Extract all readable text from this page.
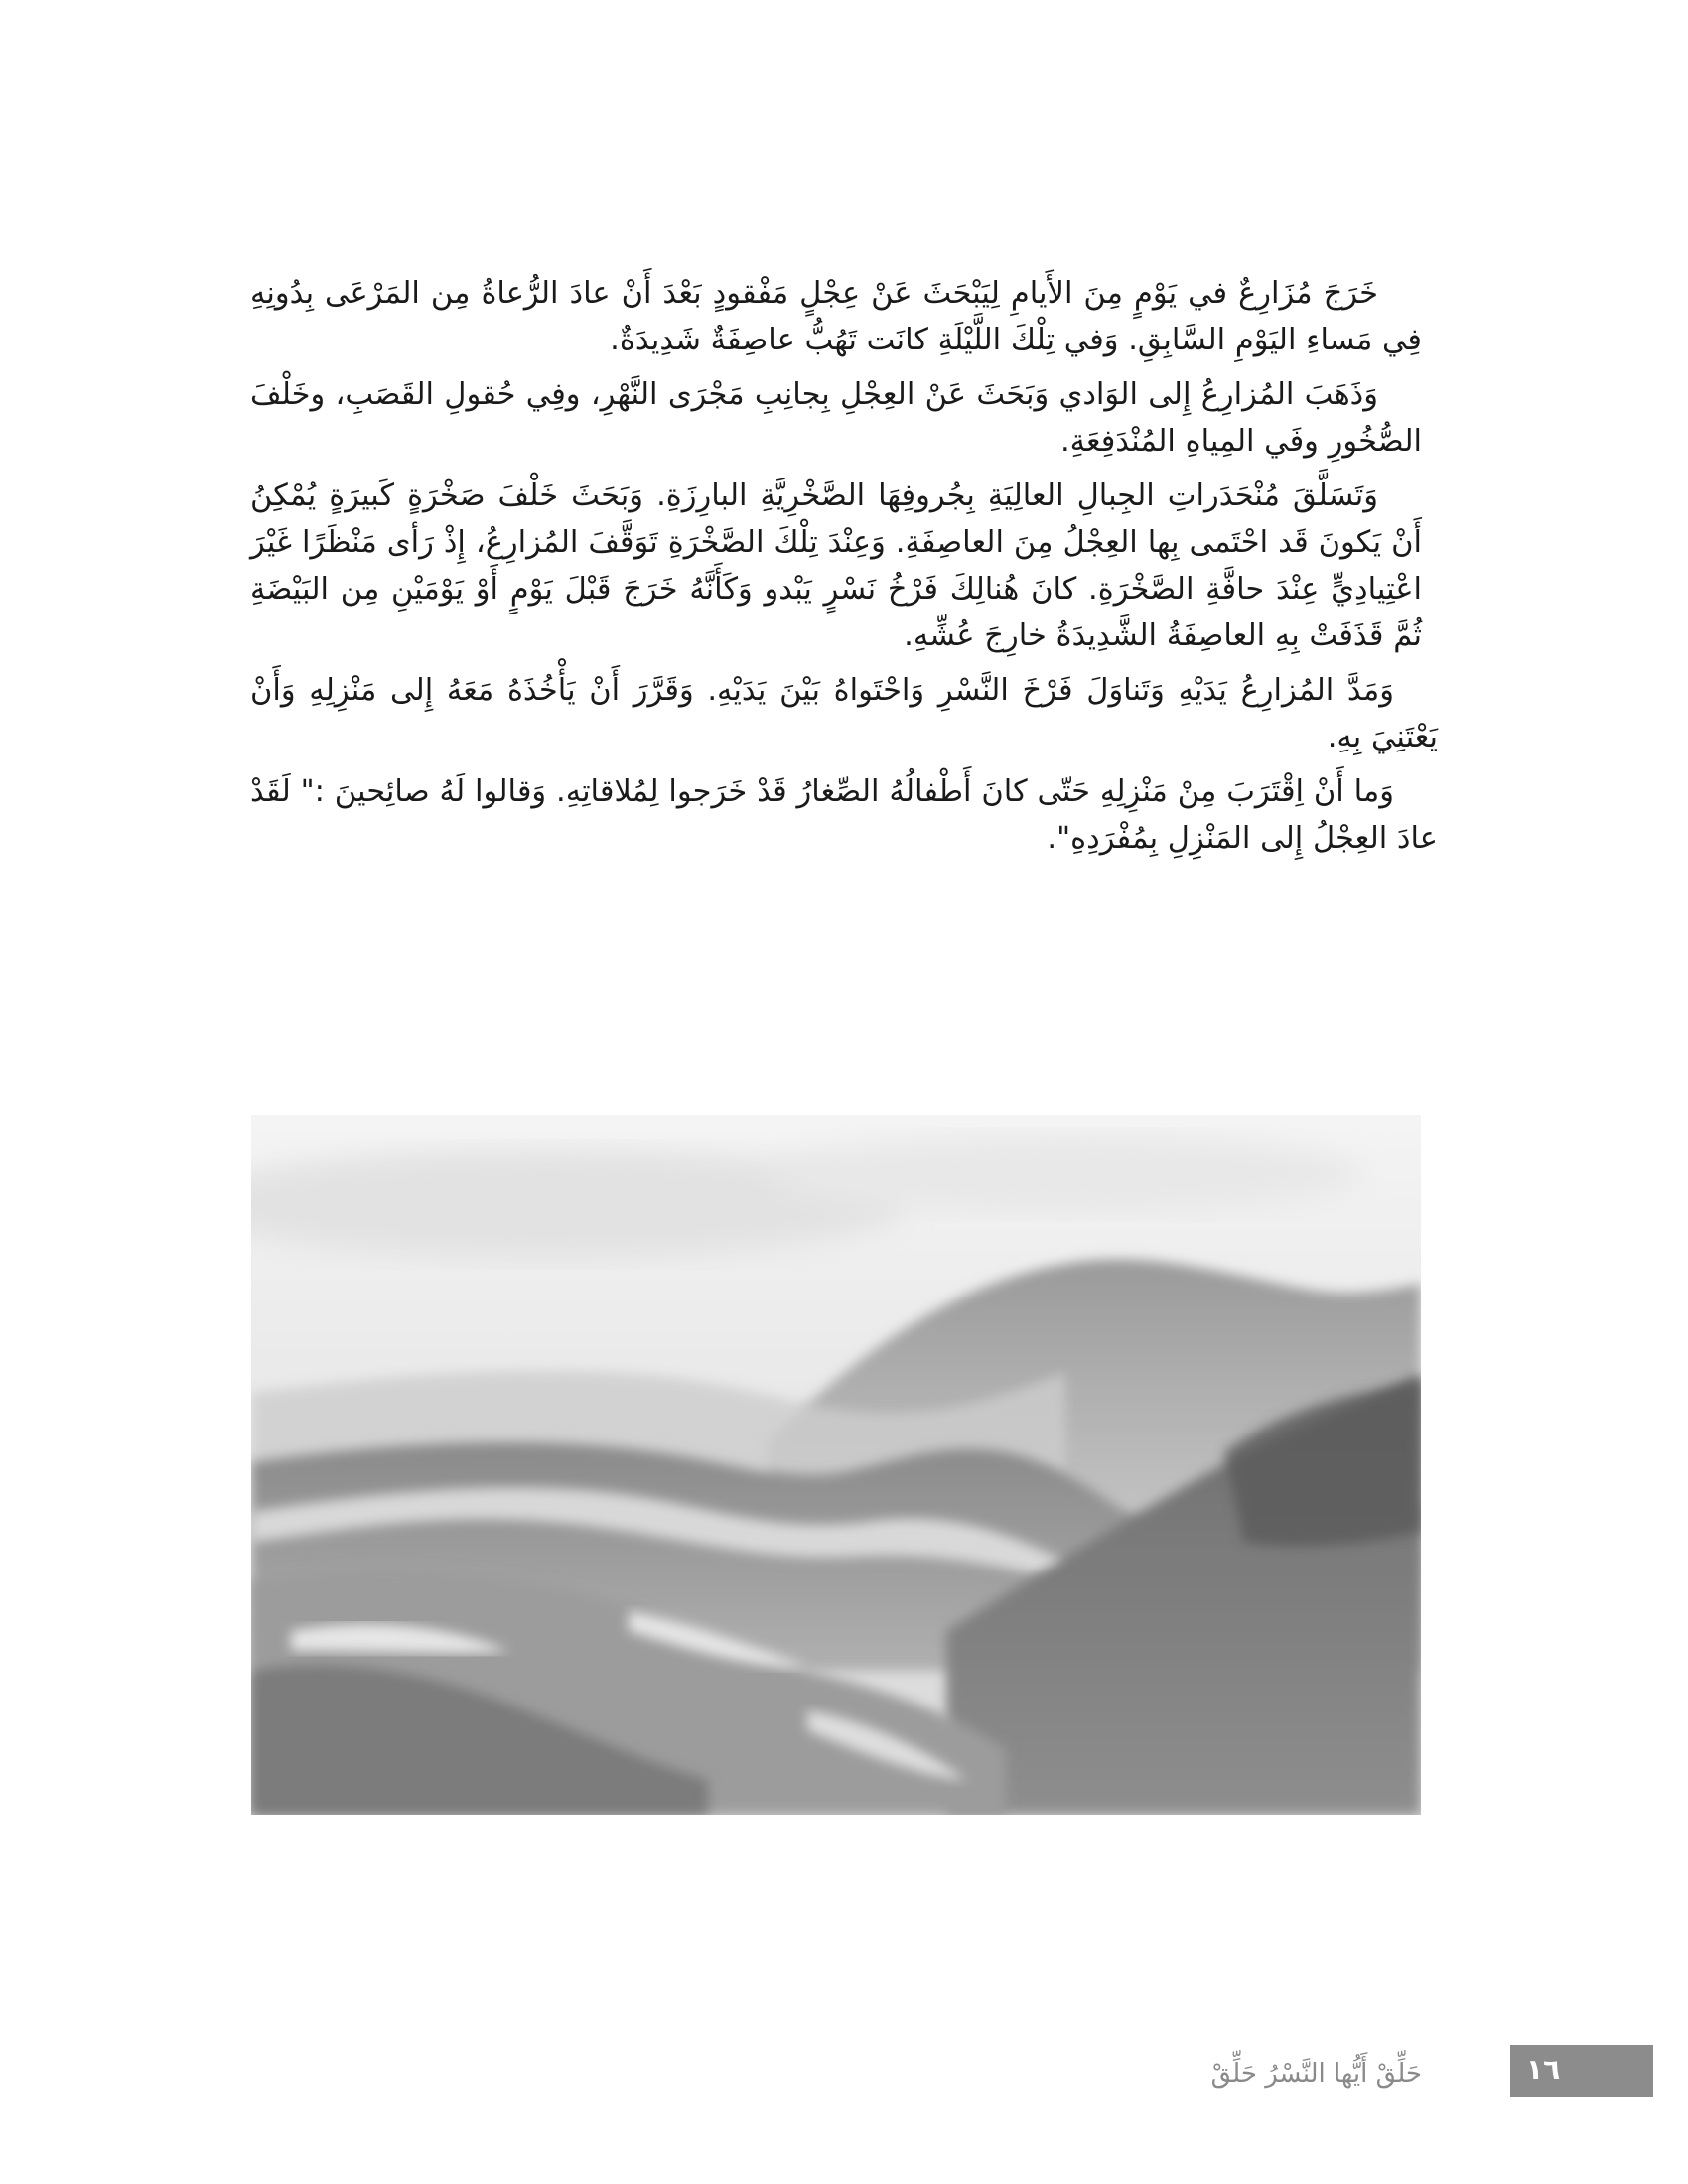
خَرَجَ مُزَارِعٌ في يَوْمٍ مِنَ الأَيامِ لِيَبْحَثَ عَنْ عِجْلٍ مَفْقودٍ بَعْدَ أَنْ عادَ الرُّعاةُ مِن المَرْعَى بِدُونِهِ فِي مَساءِ اليَوْمِ السَّابِقِ. وَفي تِلْكَ اللَّيْلَةِ كانَت تَهُبُّ عاصِفَةٌ شَدِيدَةٌ.

وَذَهَبَ المُزارِعُ إِلى الوَادي وَبَحَثَ عَنْ العِجْلِ بِجانِبِ مَجْرَى النَّهْرِ، وفِي حُقولِ القَصَبِ، وخَلْفَ الصُّخُورِ وفَي المِياهِ المُنْدَفِعَةِ.

وَتَسَلَّقَ مُنْحَدَراتِ الجِبالِ العالِيَةِ بِجُروفِهَا الصَّخْرِيَّةِ البارِزَةِ. وَبَحَثَ خَلْفَ صَخْرَةٍ كَبيرَةٍ يُمْكِنُ أَنْ يَكونَ قَد احْتَمى بِها العِجْلُ مِنَ العاصِفَةِ. وَعِنْدَ تِلْكَ الصَّخْرَةِ تَوَقَّفَ المُزارِعُ، إِذْ رَأى مَنْظَرًا غَيْرَ اعْتِيادِيٍّ عِنْدَ حافَّةِ الصَّخْرَةِ. كانَ هُنالِكَ فَرْخُ نَسْرٍ يَبْدو وَكَأَنَّهُ خَرَجَ قَبْلَ يَوْمٍ أَوْ يَوْمَيْنِ مِن البَيْضَةِ ثُمَّ قَذَفَتْ بِهِ العاصِفَةُ الشَّدِيدَةُ خارِجَ عُشِّهِ.

وَمَدَّ المُزارِعُ يَدَيْهِ وَتَناوَلَ فَرْخَ النَّسْرِ وَاحْتَواهُ بَيْنَ يَدَيْهِ. وَقَرَّرَ أَنْ يَأْخُذَهُ مَعَهُ إِلى مَنْزِلِهِ وَأَنْ يَعْتَنِيَ بِهِ.

وَما أَنْ اِقْتَرَبَ مِنْ مَنْزِلِهِ حَتّى كانَ أَطْفالُهُ الصِّغارُ قَدْ خَرَجوا لِمُلاقاتِهِ. وَقالوا لَهُ صائِحينَ :" لَقَدْ عادَ العِجْلُ إِلى المَنْزِلِ بِمُفْرَدِهِ".

حَلِّقْ أَيُّها النَّسْرُ حَلِّقْ	١٦
